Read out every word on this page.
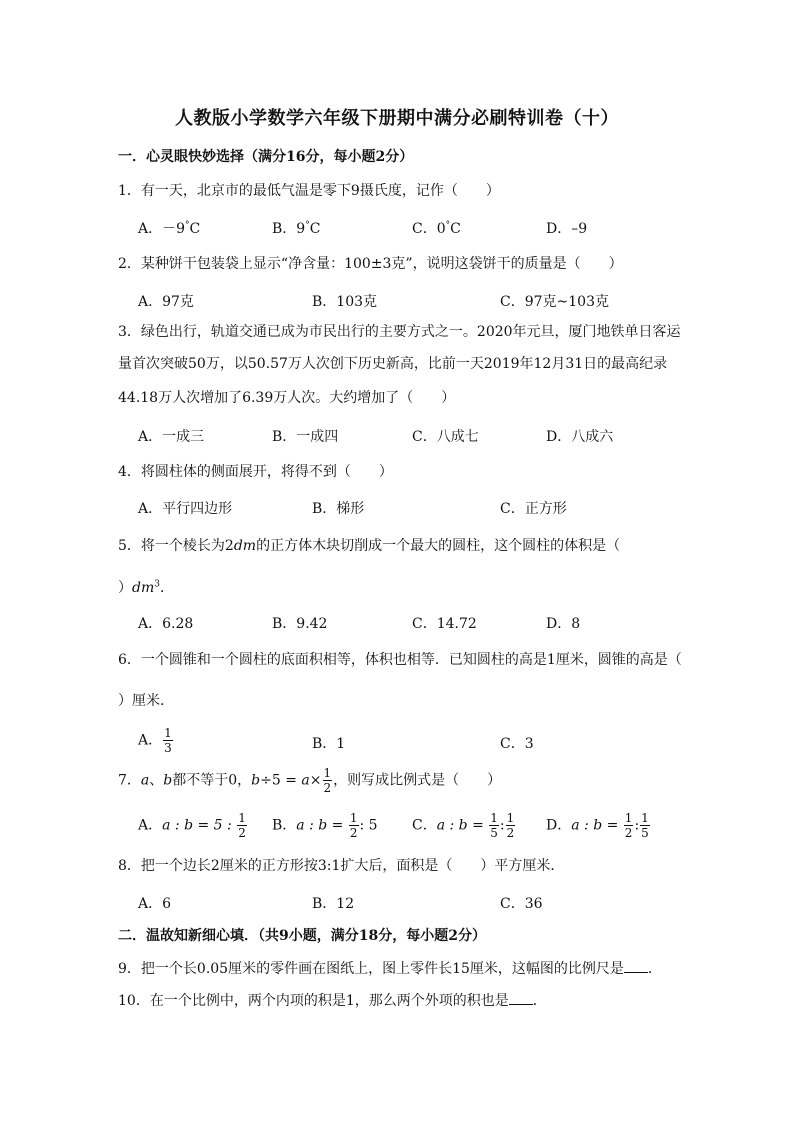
人教版小学数学六年级下册期中满分必刷特训卷（十）
一．心灵眼快妙选择（满分16分，每小题2分）
1．有一天，北京市的最低气温是零下9摄氏度，记作（　　）
A．－9°C	B．9°C	C．0°C	D．–9
2．某种饼干包装袋上显示“净含量：100±3克”，说明这袋饼干的质量是（　　）
A．97克	B．103克	C．97克~103克
3．绿色出行，轨道交通已成为市民出行的主要方式之一。2020年元旦，厦门地铁单日客运
量首次突破50万，以50.57万人次创下历史新高，比前一天2019年12月31日的最高纪录
44.18万人次增加了6.39万人次。大约增加了（　　）
A．一成三	B．一成四	C．八成七	D．八成六
4．将圆柱体的侧面展开，将得不到（　　）
A．平行四边形	B．梯形	C．正方形
5．将一个棱长为2dm的正方体木块切削成一个最大的圆柱，这个圆柱的体积是（
）$dm^3$．
A．6.28	B．9.42	C．14.72	D．8
6．一个圆锥和一个圆柱的底面积相等，体积也相等．已知圆柱的高是1厘米，圆锥的高是（
）厘米．
A． $\frac{1}{3}$	B．1	C．3
7．a、b都不等于0，$b\div 5 = a\times \frac{1}{2}$ ，则写成比例式是（　　）
A．a : b = 5 : $\frac{1}{2}$ B．a : $b = \frac{1}{2}$ : 5 C．a : $b = \frac{1}{5}$ : $\frac{1}{2}$ D．a : $b = \frac{1}{2}$ : $\frac{1}{5}$
8．把一个边长2厘米的正方形按3:1扩大后，面积是（　　）平方厘米．
A．6	B．12	C．36
二．温故知新细心填．（共9小题，满分18分，每小题2分）
9．把一个长0.05厘米的零件画在图纸上，图上零件长15厘米，这幅图的比例尺是 ．
10．在一个比例中，两个内项的积是1，那么两个外项的积也是 ．
